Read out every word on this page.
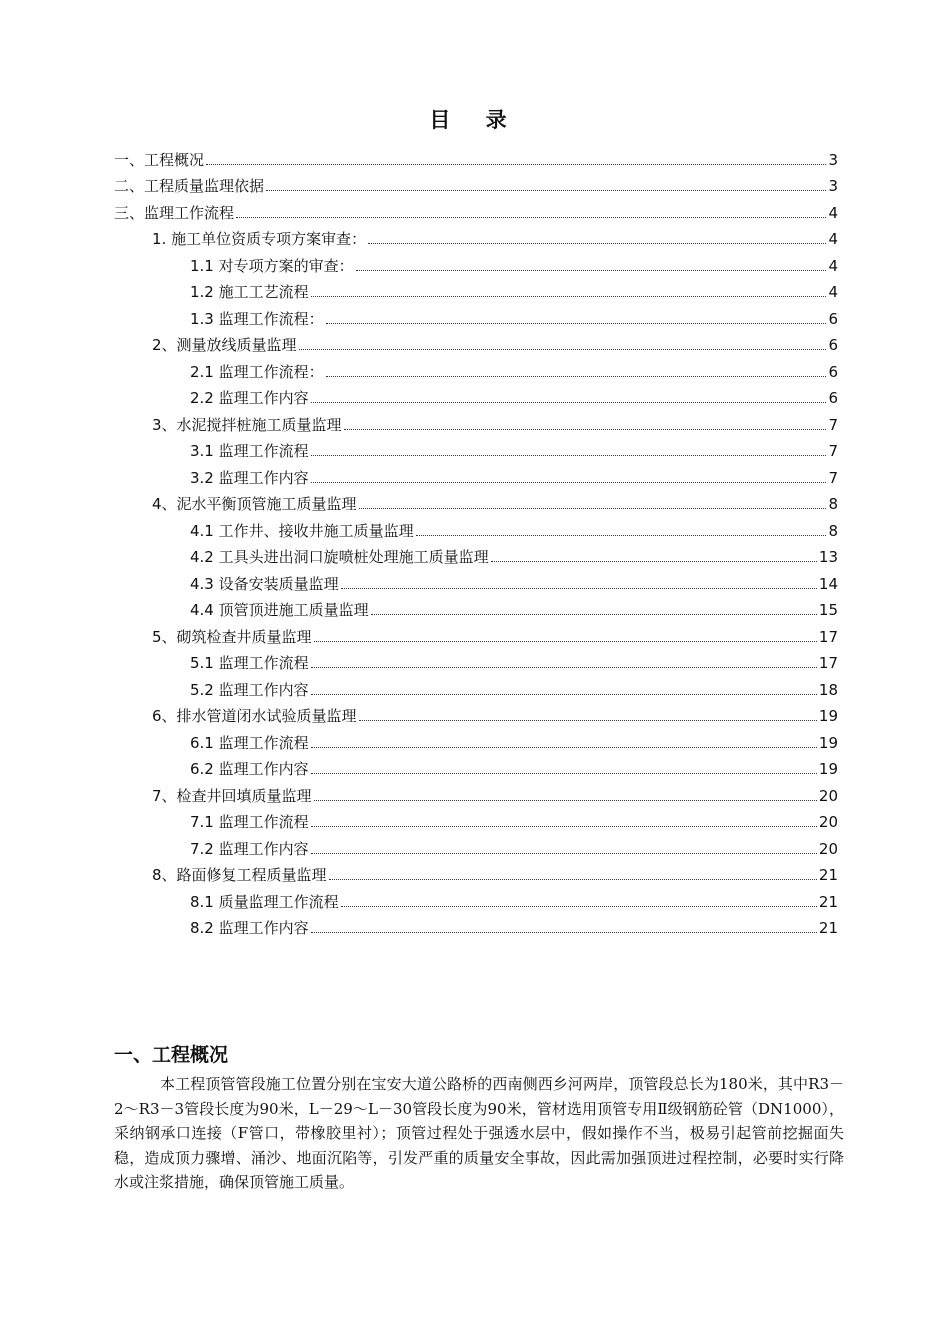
目 录
一、工程概况	3
二、工程质量监理依据	3
三、监理工作流程	4
1. 施工单位资质专项方案审查：	4
1.1 对专项方案的审查：	4
1.2 施工工艺流程	4
1.3 监理工作流程：	6
2、测量放线质量监理	6
2.1 监理工作流程：	6
2.2 监理工作内容	6
3、水泥搅拌桩施工质量监理	7
3.1 监理工作流程	7
3.2 监理工作内容	7
4、泥水平衡顶管施工质量监理	8
4.1 工作井、接收井施工质量监理	8
4.2 工具头进出洞口旋喷桩处理施工质量监理	13
4.3 设备安装质量监理	14
4.4 顶管顶进施工质量监理	15
5、砌筑检查井质量监理	17
5.1 监理工作流程	17
5.2 监理工作内容	18
6、排水管道闭水试验质量监理	19
6.1 监理工作流程	19
6.2 监理工作内容	19
7、检查井回填质量监理	20
7.1 监理工作流程	20
7.2 监理工作内容	20
8、路面修复工程质量监理	21
8.1 质量监理工作流程	21
8.2 监理工作内容	21
一、工程概况
本工程顶管管段施工位置分别在宝安大道公路桥的西南侧西乡河两岸，顶管段总长为180米，其中R3－2～R3－3管段长度为90米，L－29～L－30管段长度为90米，管材选用顶管专用Ⅱ级钢筋砼管（DN1000），采纳钢承口连接（F管口，带橡胶里衬）；顶管过程处于强透水层中，假如操作不当，极易引起管前挖掘面失稳，造成顶力骤增、涌沙、地面沉陷等，引发严重的质量安全事故，因此需加强顶进过程控制，必要时实行降水或注浆措施，确保顶管施工质量。
